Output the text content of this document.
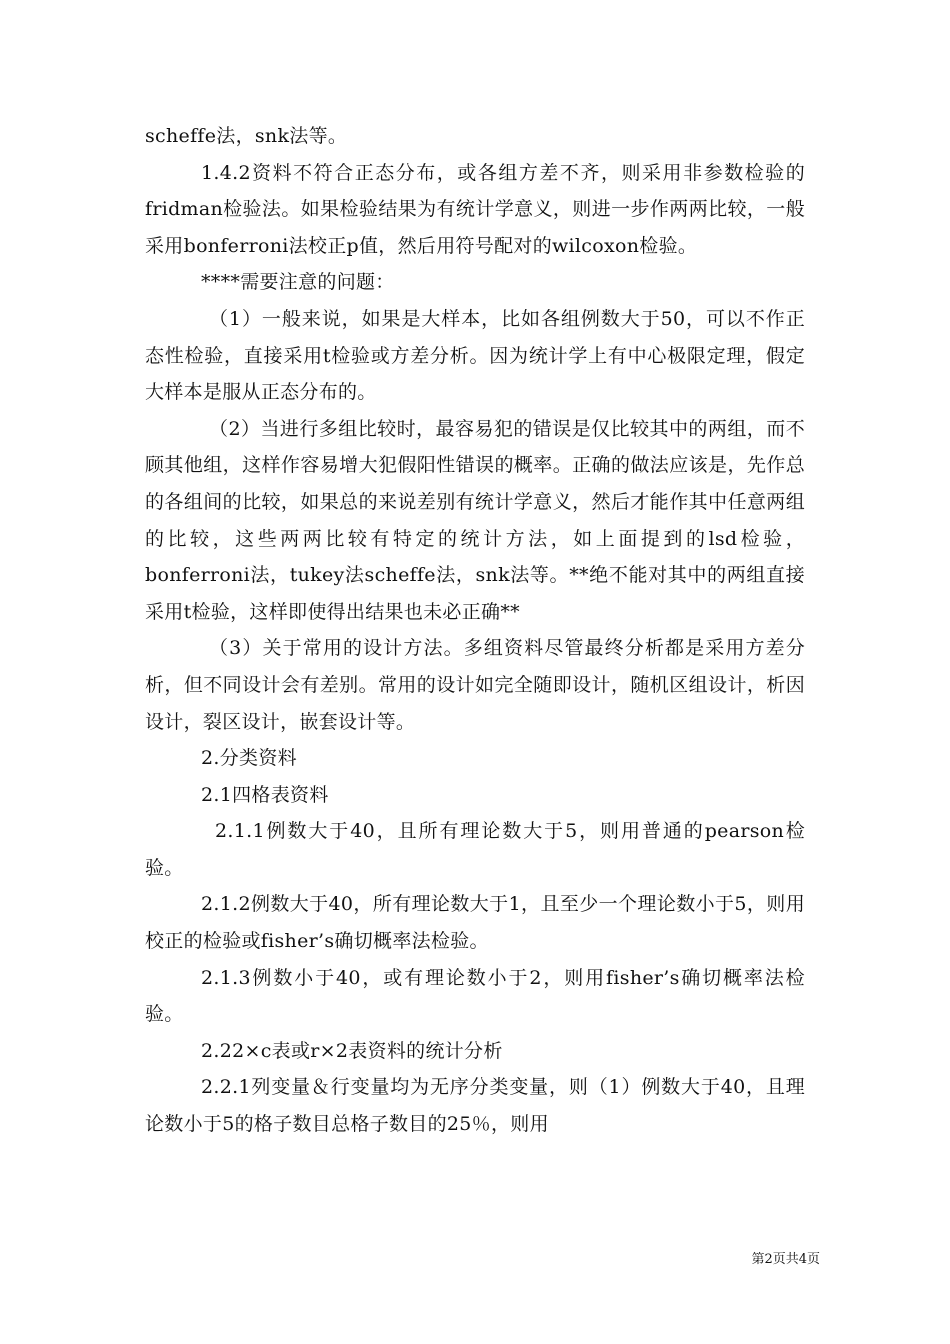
scheffe法，snk法等。

1.4.2资料不符合正态分布，或各组方差不齐，则采用非参数检验的fridman检验法。如果检验结果为有统计学意义，则进一步作两两比较，一般采用bonferroni法校正p值，然后用符号配对的wilcoxon检验。

****需要注意的问题：

（1）一般来说，如果是大样本，比如各组例数大于50，可以不作正态性检验，直接采用t检验或方差分析。因为统计学上有中心极限定理，假定大样本是服从正态分布的。

（2）当进行多组比较时，最容易犯的错误是仅比较其中的两组，而不顾其他组，这样作容易增大犯假阳性错误的概率。正确的做法应该是，先作总的各组间的比较，如果总的来说差别有统计学意义，然后才能作其中任意两组的比较，这些两两比较有特定的统计方法，如上面提到的lsd检验，bonferroni法，tukey法scheffe法，snk法等。**绝不能对其中的两组直接采用t检验，这样即使得出结果也未必正确**

（3）关于常用的设计方法。多组资料尽管最终分析都是采用方差分析，但不同设计会有差别。常用的设计如完全随即设计，随机区组设计，析因设计，裂区设计，嵌套设计等。

2.分类资料

2.1四格表资料

2.1.1例数大于40，且所有理论数大于5，则用普通的pearson检验。

2.1.2例数大于40，所有理论数大于1，且至少一个理论数小于5，则用校正的检验或fisher’s确切概率法检验。

2.1.3例数小于40，或有理论数小于2，则用fisher’s确切概率法检验。

2.22×c表或r×2表资料的统计分析

2.2.1列变量＆行变量均为无序分类变量，则（1）例数大于40，且理论数小于5的格子数目总格子数目的25％，则用

第2页共4页
